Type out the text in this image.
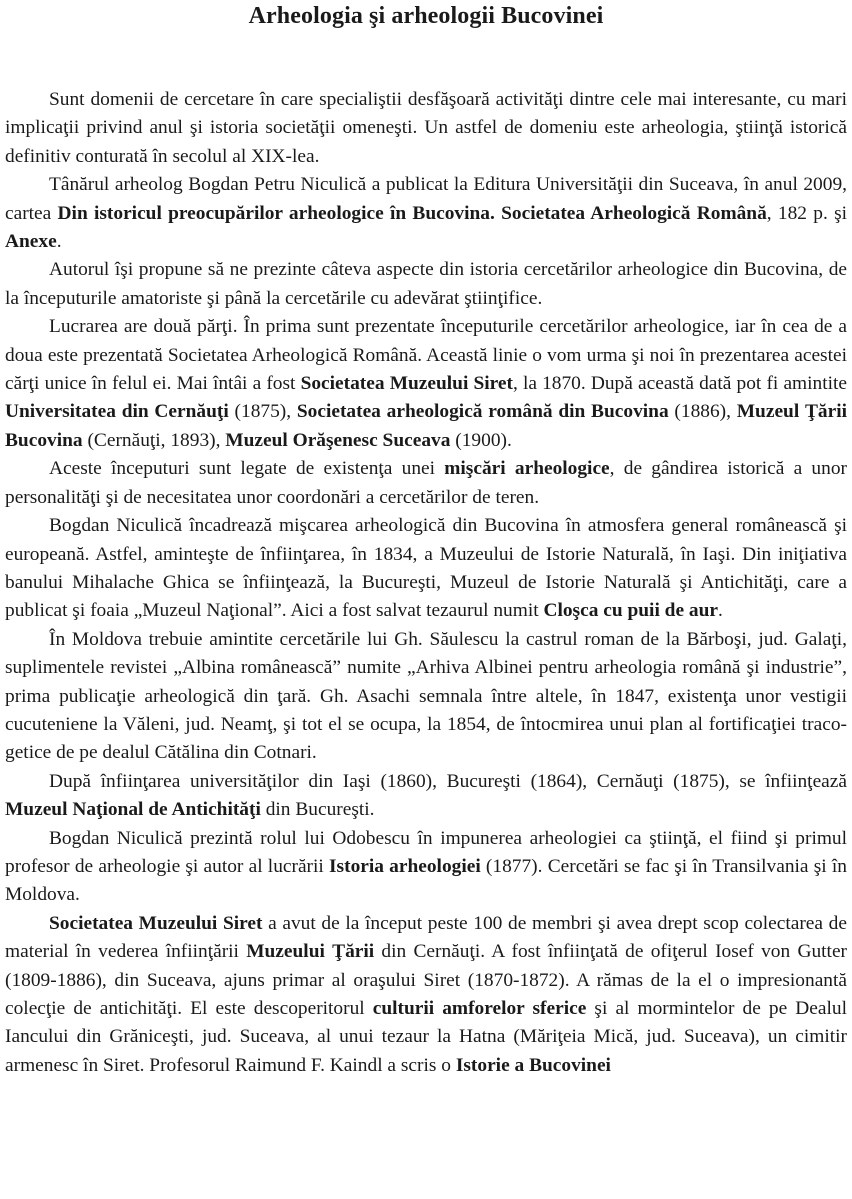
Arheologia şi arheologii Bucovinei

Sunt domenii de cercetare în care specialiştii desfăşoară activităţi dintre cele mai interesante, cu mari implicaţii privind anul şi istoria societăţii omeneşti. Un astfel de domeniu este arheologia, ştiinţă istorică definitiv conturată în secolul al XIX-lea.

Tânărul arheolog Bogdan Petru Niculică a publicat la Editura Universităţii din Suceava, în anul 2009, cartea Din istoricul preocupărilor arheologice în Bucovina. Societatea Arheologică Română, 182 p. şi Anexe.

Autorul îşi propune să ne prezinte câteva aspecte din istoria cercetărilor arheologice din Bucovina, de la începuturile amatoriste şi până la cercetările cu adevărat ştiinţifice.

Lucrarea are două părţi. În prima sunt prezentate începuturile cercetărilor arheologice, iar în cea de a doua este prezentată Societatea Arheologică Română. Această linie o vom urma şi noi în prezentarea acestei cărţi unice în felul ei. Mai întâi a fost Societatea Muzeului Siret, la 1870. După această dată pot fi amintite Universitatea din Cernăuţi (1875), Societatea arheologică română din Bucovina (1886), Muzeul Ţării Bucovina (Cernăuţi, 1893), Muzeul Orăşenesc Suceava (1900).

Aceste începuturi sunt legate de existenţa unei mişcări arheologice, de gândirea istorică a unor personalităţi şi de necesitatea unor coordonări a cercetărilor de teren.

Bogdan Niculică încadrează mişcarea arheologică din Bucovina în atmosfera general românească şi europeană. Astfel, aminteşte de înfiinţarea, în 1834, a Muzeului de Istorie Naturală, în Iaşi. Din iniţiativa banului Mihalache Ghica se înfiinţează, la Bucureşti, Muzeul de Istorie Naturală şi Antichităţi, care a publicat şi foaia „Muzeul Naţional”. Aici a fost salvat tezaurul numit Cloşca cu puii de aur.

În Moldova trebuie amintite cercetările lui Gh. Săulescu la castrul roman de la Bărboşi, jud. Galaţi, suplimentele revistei „Albina românească” numite „Arhiva Albinei pentru arheologia română şi industrie”, prima publicaţie arheologică din ţară. Gh. Asachi semnala între altele, în 1847, existenţa unor vestigii cucuteniene la Văleni, jud. Neamţ, şi tot el se ocupa, la 1854, de întocmirea unui plan al fortificaţiei traco-getice de pe dealul Cătălina din Cotnari.

După înfiinţarea universităţilor din Iaşi (1860), Bucureşti (1864), Cernăuţi (1875), se înfiinţează Muzeul Naţional de Antichităţi din Bucureşti.

Bogdan Niculică prezintă rolul lui Odobescu în impunerea arheologiei ca ştiinţă, el fiind şi primul profesor de arheologie şi autor al lucrării Istoria arheologiei (1877). Cercetări se fac şi în Transilvania şi în Moldova.

Societatea Muzeului Siret a avut de la început peste 100 de membri şi avea drept scop colectarea de material în vederea înfiinţării Muzeului Ţării din Cernăuţi. A fost înfiinţată de ofiţerul Iosef von Gutter (1809-1886), din Suceava, ajuns primar al oraşului Siret (1870-1872). A rămas de la el o impresionantă colecţie de antichităţi. El este descoperitorul culturii amforelor sferice şi al mormintelor de pe Dealul Iancului din Grăniceşti, jud. Suceava, al unui tezaur la Hatna (Măriţeia Mică, jud. Suceava), un cimitir armenesc în Siret. Profesorul Raimund F. Kaindl a scris o Istorie a Bucovinei
